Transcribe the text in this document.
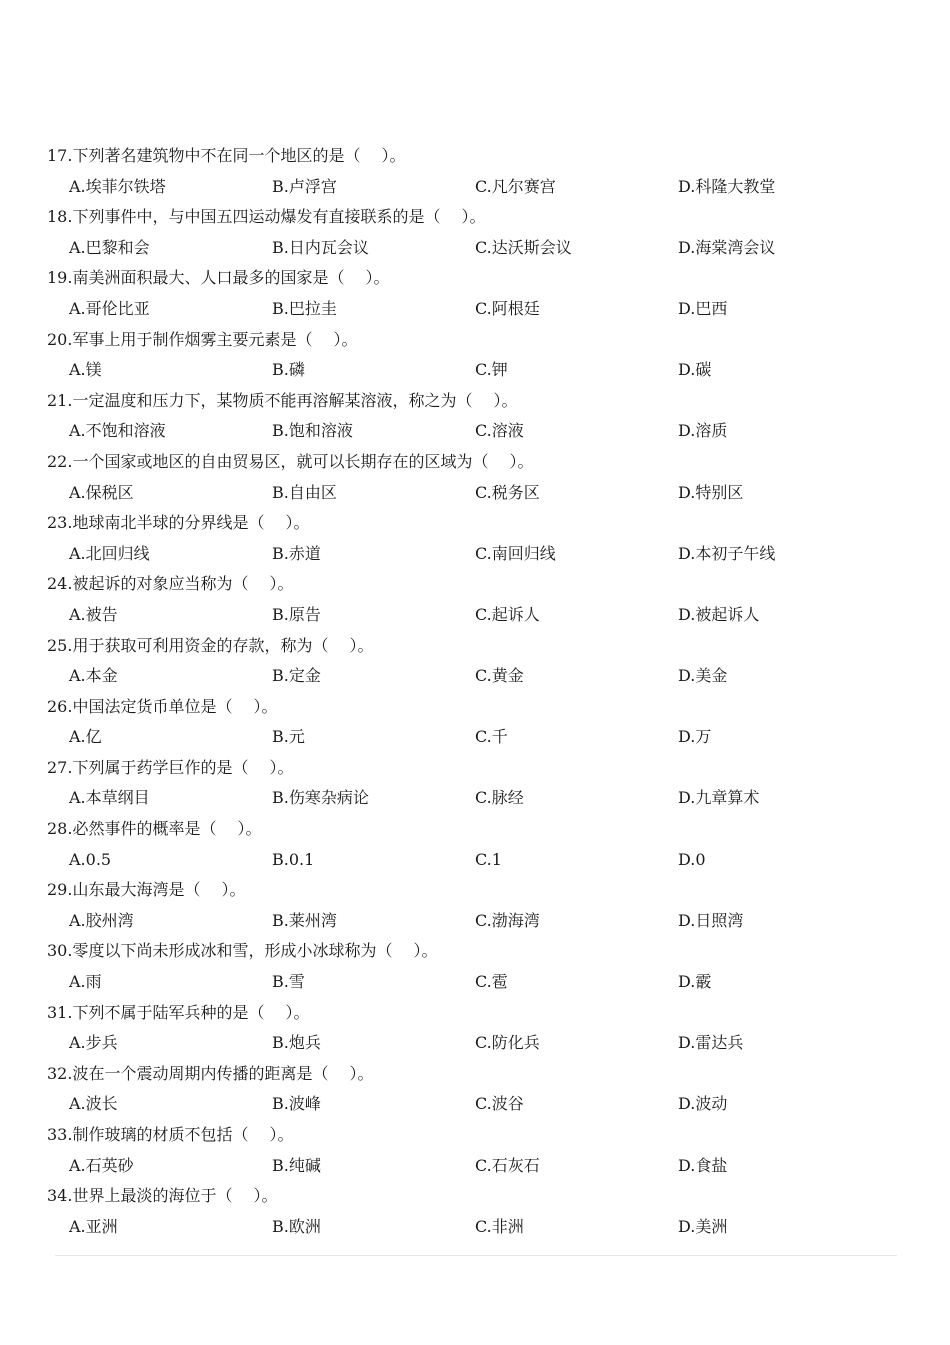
17.下列著名建筑物中不在同一个地区的是（　 ）。
A.埃菲尔铁塔	B.卢浮宫	C.凡尔赛宫	D.科隆大教堂
18.下列事件中，与中国五四运动爆发有直接联系的是（　 ）。
A.巴黎和会	B.日内瓦会议	C.达沃斯会议	D.海棠湾会议
19.南美洲面积最大、人口最多的国家是（　 ）。
A.哥伦比亚	B.巴拉圭	C.阿根廷	D.巴西
20.军事上用于制作烟雾主要元素是（　 ）。
A.镁	B.磷	C.钾	D.碳
21.一定温度和压力下，某物质不能再溶解某溶液，称之为（　 ）。
A.不饱和溶液	B.饱和溶液	C.溶液	D.溶质
22.一个国家或地区的自由贸易区，就可以长期存在的区域为（　 ）。
A.保税区	B.自由区	C.税务区	D.特别区
23.地球南北半球的分界线是（　 ）。
A.北回归线	B.赤道	C.南回归线	D.本初子午线
24.被起诉的对象应当称为（　 ）。
A.被告	B.原告	C.起诉人	D.被起诉人
25.用于获取可利用资金的存款，称为（　 ）。
A.本金	B.定金	C.黄金	D.美金
26.中国法定货币单位是（　 ）。
A.亿	B.元	C.千	D.万
27.下列属于药学巨作的是（　 ）。
A.本草纲目	B.伤寒杂病论	C.脉经	D.九章算术
28.必然事件的概率是（　 ）。
A.0.5	B.0.1	C.1	D.0
29.山东最大海湾是（　 ）。
A.胶州湾	B.莱州湾	C.渤海湾	D.日照湾
30.零度以下尚未形成冰和雪，形成小冰球称为（　 ）。
A.雨	B.雪	C.雹	D.霰
31.下列不属于陆军兵种的是（　 ）。
A.步兵	B.炮兵	C.防化兵	D.雷达兵
32.波在一个震动周期内传播的距离是（　 ）。
A.波长	B.波峰	C.波谷	D.波动
33.制作玻璃的材质不包括（　 ）。
A.石英砂	B.纯碱	C.石灰石	D.食盐
34.世界上最淡的海位于（　 ）。
A.亚洲	B.欧洲	C.非洲	D.美洲
